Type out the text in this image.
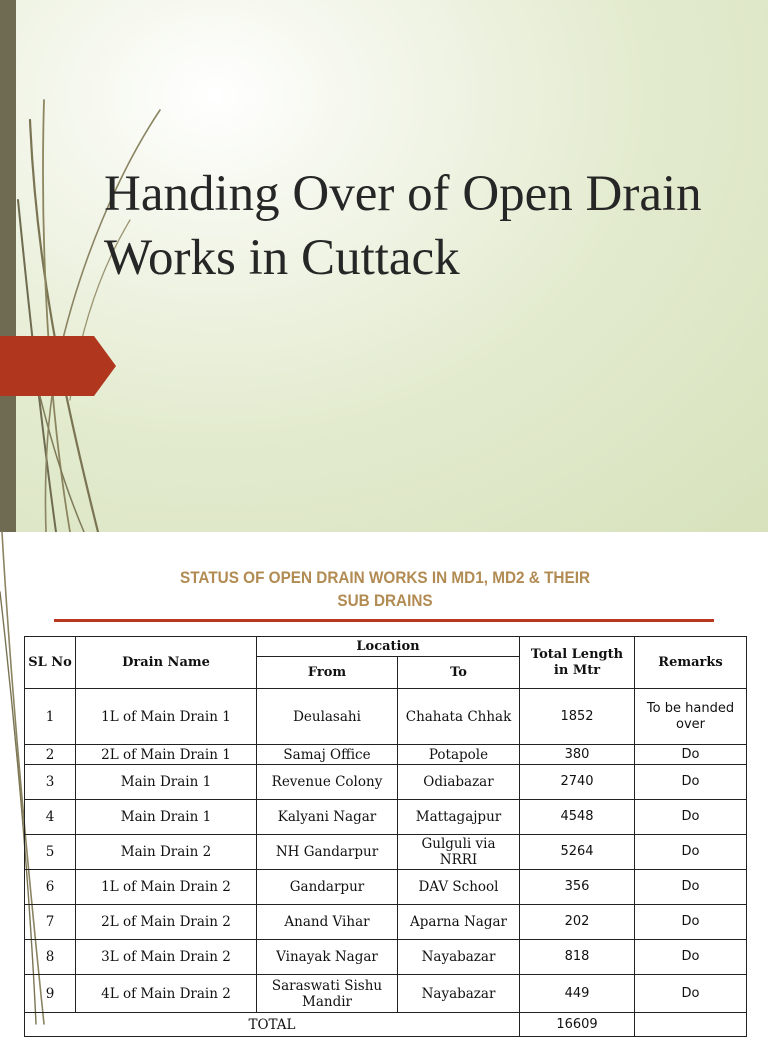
Handing Over of Open Drain Works in Cuttack
STATUS OF OPEN DRAIN WORKS IN MD1, MD2 & THEIR
SUB DRAINS
SL No	Drain Name	Location		Total Length in Mtr	Remarks
		From	To		
1	1L of Main Drain 1	Deulasahi	Chahata Chhak	1852	To be handed over
2	2L of Main Drain 1	Samaj Office	Potapole	380	Do
3	Main Drain 1	Revenue Colony	Odiabazar	2740	Do
4	Main Drain 1	Kalyani Nagar	Mattagajpur	4548	Do
5	Main Drain 2	NH Gandarpur	Gulguli via NRRI	5264	Do
6	1L of Main Drain 2	Gandarpur	DAV School	356	Do
7	2L of Main Drain 2	Anand Vihar	Aparna Nagar	202	Do
8	3L of Main Drain 2	Vinayak Nagar	Nayabazar	818	Do
9	4L of Main Drain 2	Saraswati Sishu Mandir	Nayabazar	449	Do
TOTAL				16609	
